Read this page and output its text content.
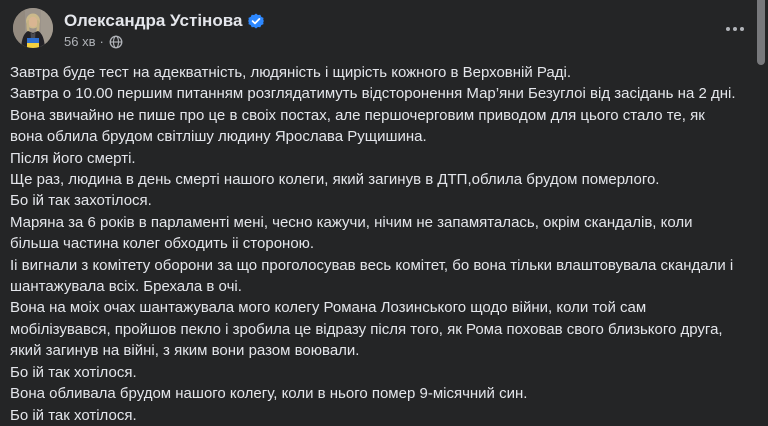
Олександра Устінова
56 хв ·
Завтра буде тест на адекватність, людяність і щирість кожного в Верховній Раді.
Завтра о 10.00 першим питанням розглядатимуть відсторонення Мар’яни Безуглоі від засідань на 2 дні.
Вона звичайно не пише про це в своіх постах, але першочерговим приводом для цього стало те, як
вона облила брудом світлішу людину Ярослава Рущишина.
Після його смерті.
Ще раз, людина в день смерті нашого колеги, який загинув в ДТП,облила брудом померлого.
Бо ій так захотілося.
Маряна за 6 років в парламенті мені, чесно кажучи, нічим не запамяталась, окрім скандалів, коли
більша частина колег обходить іі стороною.
Іі вигнали з комітету оборони за що проголосував весь комітет, бо вона тільки влаштовувала скандали і
шантажувала всіх. Брехала в очі.
Вона на моіх очах шантажувала мого колегу Романа Лозинського щодо війни, коли той сам
мобілізувався, пройшов пекло і зробила це відразу після того, як Рома поховав свого близького друга,
який загинув на війні, з яким вони разом воювали.
Бо ій так хотілося.
Вона обливала брудом нашого колегу, коли в нього помер 9-місячний син.
Бо ій так хотілося.
